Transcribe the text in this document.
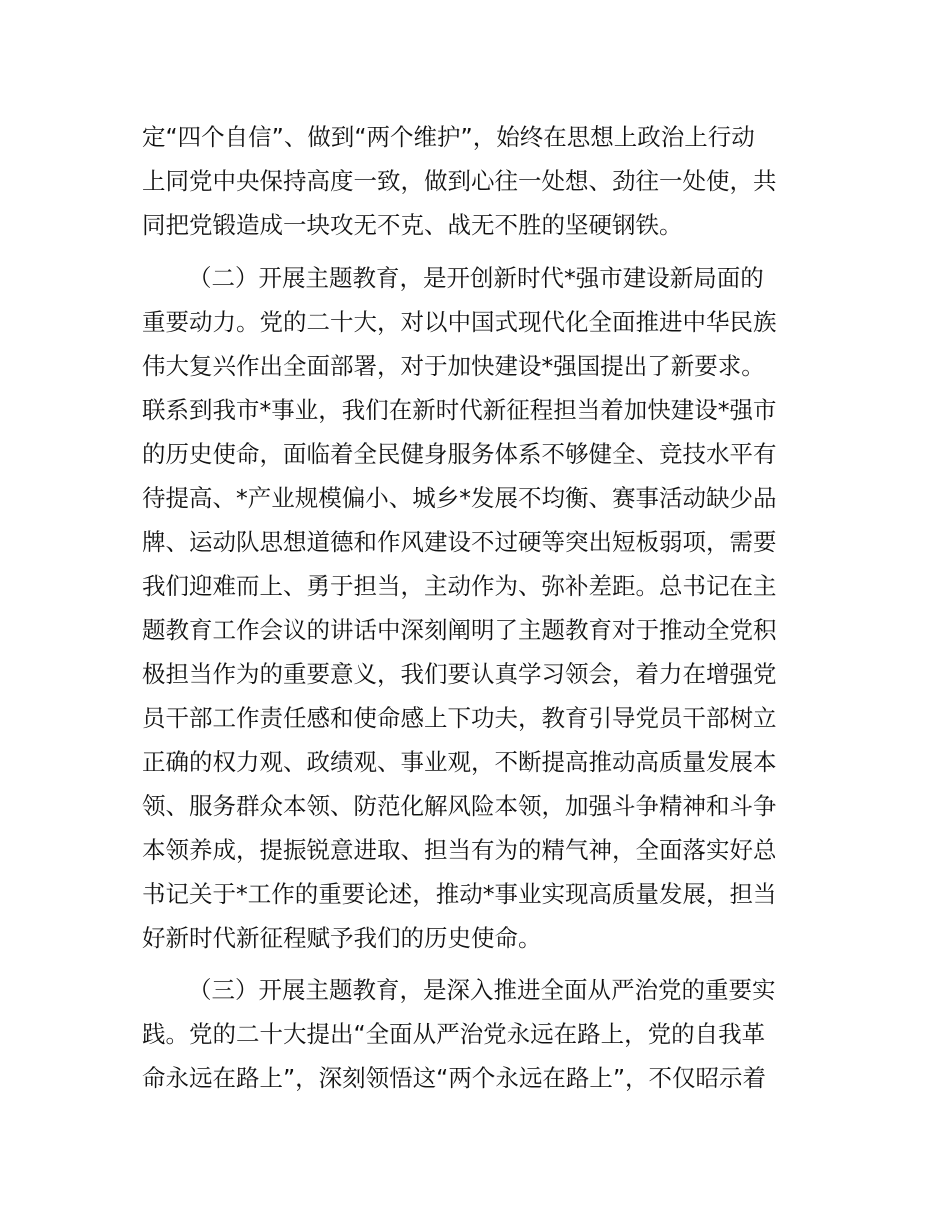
定“四个自信”、做到“两个维护”，始终在思想上政治上行动
上同党中央保持高度一致，做到心往一处想、劲往一处使，共
同把党锻造成一块攻无不克、战无不胜的坚硬钢铁。
（二）开展主题教育，是开创新时代*强市建设新局面的
重要动力。党的二十大，对以中国式现代化全面推进中华民族
伟大复兴作出全面部署，对于加快建设*强国提出了新要求。
联系到我市*事业，我们在新时代新征程担当着加快建设*强市
的历史使命，面临着全民健身服务体系不够健全、竞技水平有
待提高、*产业规模偏小、城乡*发展不均衡、赛事活动缺少品
牌、运动队思想道德和作风建设不过硬等突出短板弱项，需要
我们迎难而上、勇于担当，主动作为、弥补差距。总书记在主
题教育工作会议的讲话中深刻阐明了主题教育对于推动全党积
极担当作为的重要意义，我们要认真学习领会，着力在增强党
员干部工作责任感和使命感上下功夫，教育引导党员干部树立
正确的权力观、政绩观、事业观，不断提高推动高质量发展本
领、服务群众本领、防范化解风险本领，加强斗争精神和斗争
本领养成，提振锐意进取、担当有为的精气神，全面落实好总
书记关于*工作的重要论述，推动*事业实现高质量发展，担当
好新时代新征程赋予我们的历史使命。
（三）开展主题教育，是深入推进全面从严治党的重要实
践。党的二十大提出“全面从严治党永远在路上，党的自我革
命永远在路上”，深刻领悟这“两个永远在路上”，不仅昭示着
